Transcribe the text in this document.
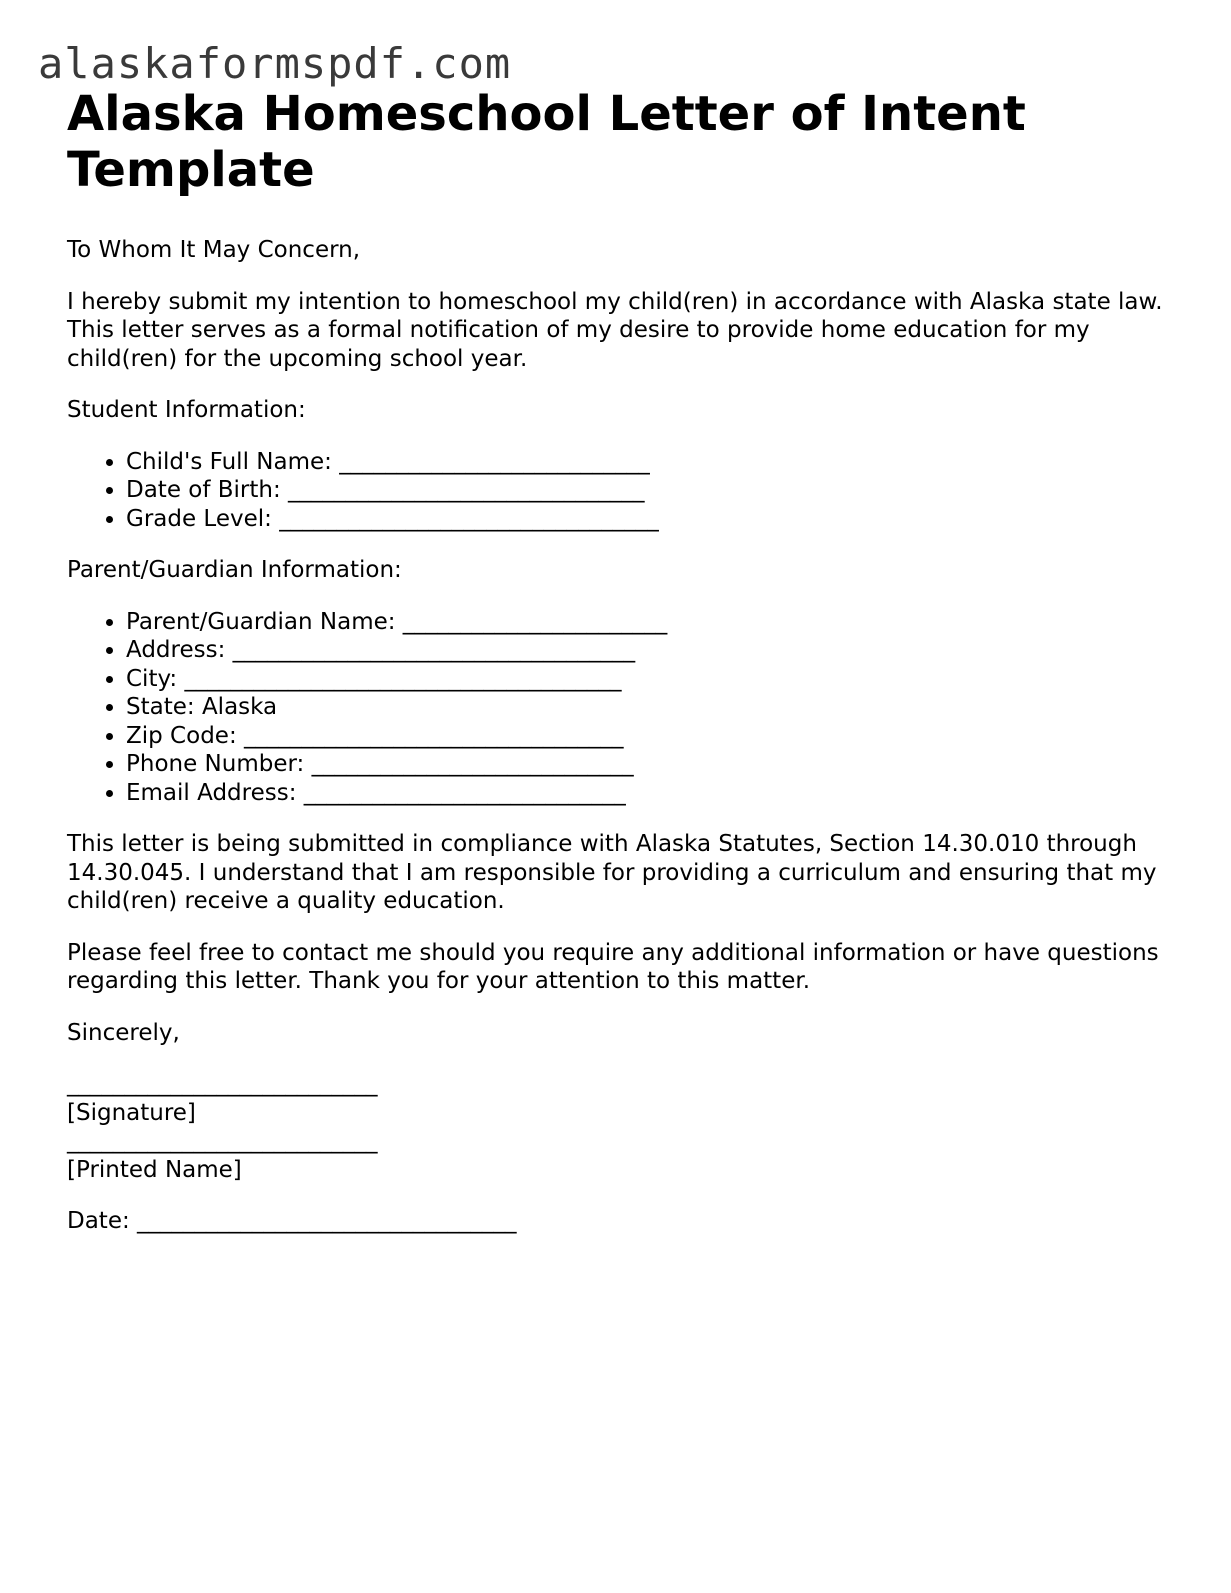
alaskaformspdf.com
Alaska Homeschool Letter of Intent Template

To Whom It May Concern,

I hereby submit my intention to homeschool my child(ren) in accordance with Alaska state law. This letter serves as a formal notification of my desire to provide home education for my child(ren) for the upcoming school year.

Student Information:

• Child's Full Name: ___________________________
• Date of Birth: _______________________________
• Grade Level: _________________________________

Parent/Guardian Information:

• Parent/Guardian Name: _______________________
• Address: ___________________________________
• City: ______________________________________
• State: Alaska
• Zip Code: _________________________________
• Phone Number: ____________________________
• Email Address: ____________________________

This letter is being submitted in compliance with Alaska Statutes, Section 14.30.010 through 14.30.045. I understand that I am responsible for providing a curriculum and ensuring that my child(ren) receive a quality education.

Please feel free to contact me should you require any additional information or have questions regarding this letter. Thank you for your attention to this matter.

Sincerely,

___________________________
[Signature]
___________________________
[Printed Name]

Date: _________________________________
